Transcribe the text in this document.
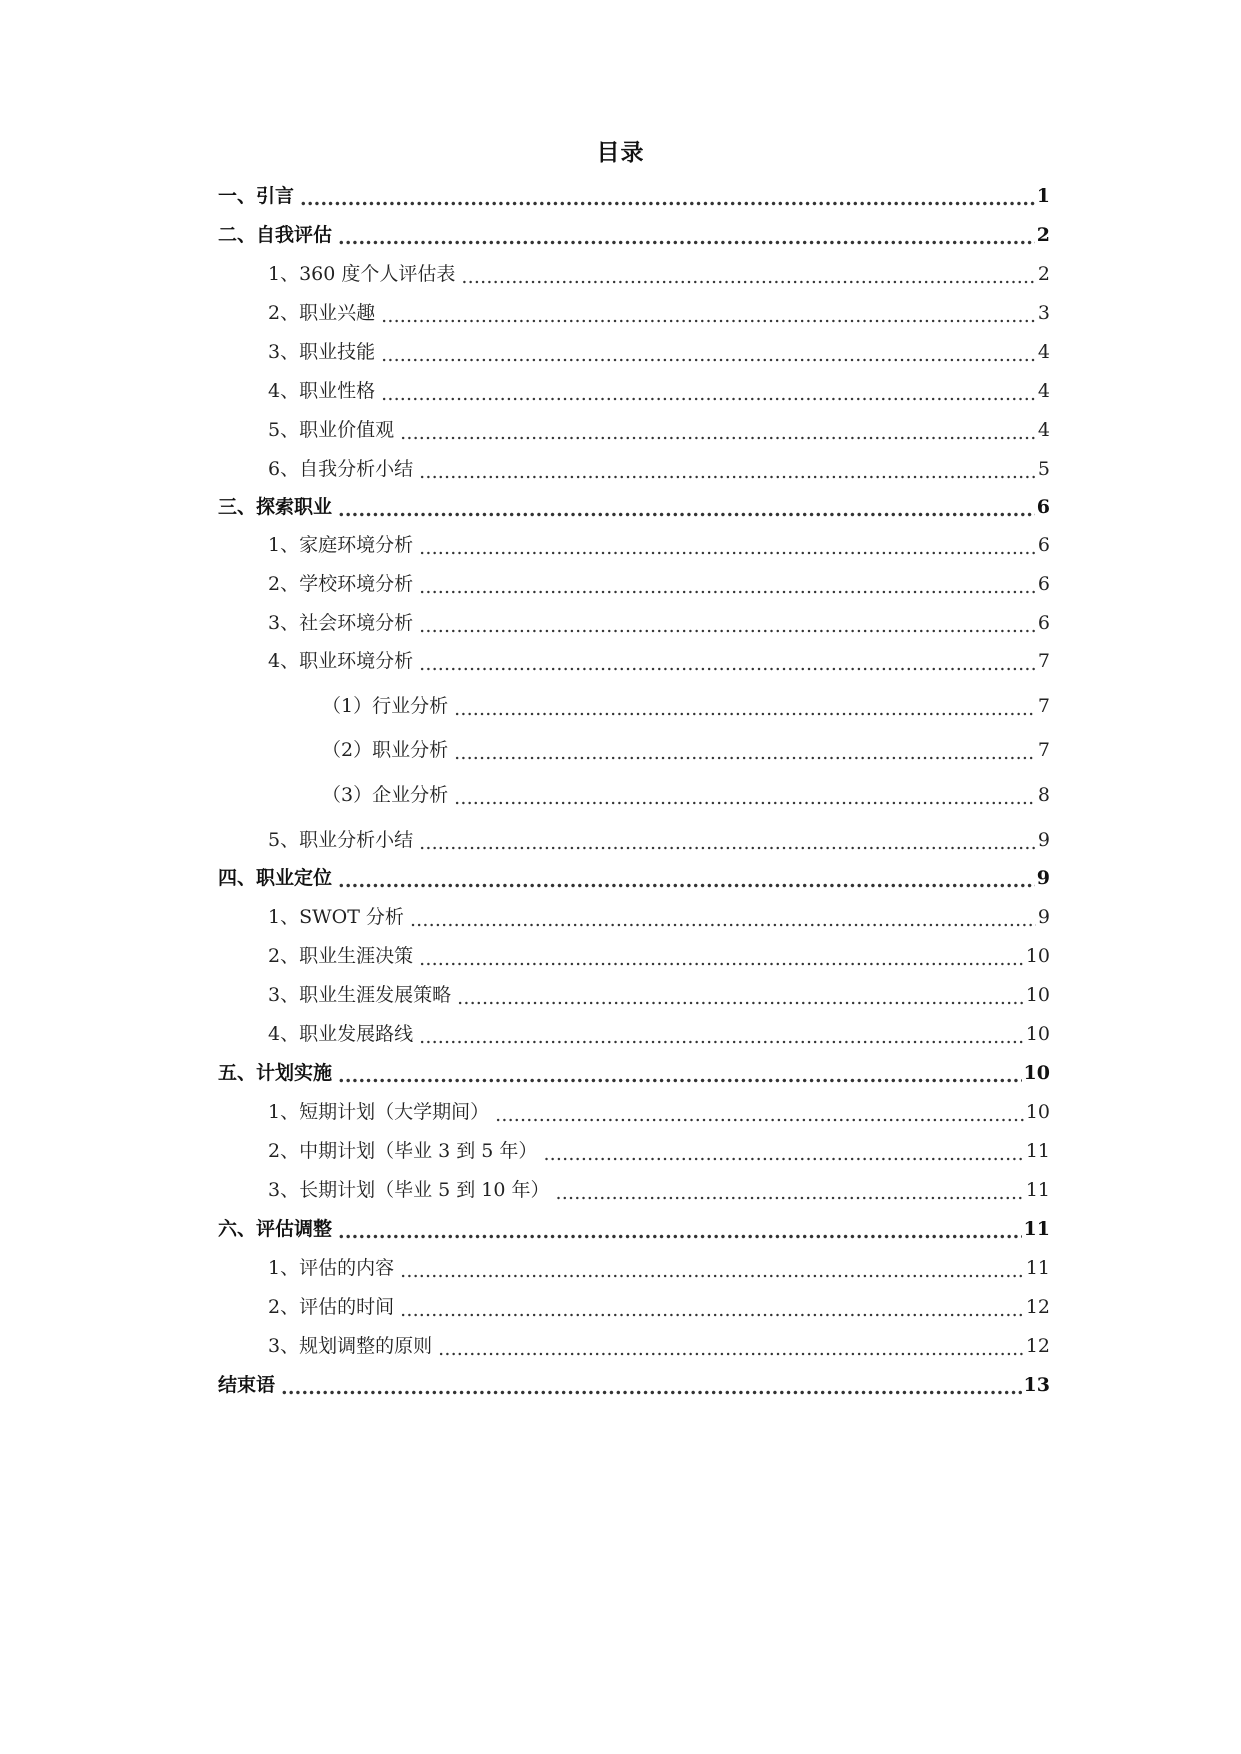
目录
一、引言 .....	1
二、自我评估 .....	2
1、360 度个人评估表 .....	2
2、职业兴趣 .....	3
3、职业技能 .....	4
4、职业性格 .....	4
5、职业价值观 .....	4
6、自我分析小结 .....	5
三、探索职业 .....	6
1、家庭环境分析 .....	6
2、学校环境分析 .....	6
3、社会环境分析 .....	6
4、职业环境分析 .....	7
（1）行业分析 .....	7
（2）职业分析 .....	7
（3）企业分析 .....	8
5、职业分析小结 .....	9
四、职业定位 .....	9
1、SWOT 分析 .....	9
2、职业生涯决策 .....	10
3、职业生涯发展策略 .....	10
4、职业发展路线 .....	10
五、计划实施 .....	10
1、短期计划（大学期间） .....	10
2、中期计划（毕业 3 到 5 年） .....	11
3、长期计划（毕业 5 到 10 年） .....	11
六、评估调整 .....	11
1、评估的内容 .....	11
2、评估的时间 .....	12
3、规划调整的原则 .....	12
结束语 .....	13
